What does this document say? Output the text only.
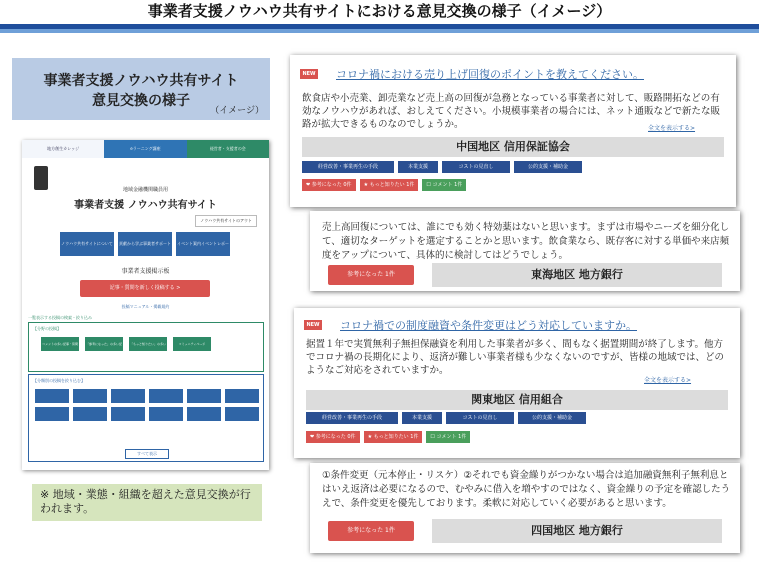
事業者支援ノウハウ共有サイトにおける意見交換の様子（イメージ）
事業者支援ノウハウ共有サイト
意見交換の様子
（イメージ）
地方創生カレッジ	eラーニング講座	経営者・支援者の会
地域金融機関職員用
事業者支援 ノウハウ共有サイト
ノウハウ共有サイトのアウト
ノウハウ共有サイトについて 貢献から学ぶ事業者サポート イベント案内イベントレポート
事業者支援掲示板
記事・質問を新しく投稿する >
投稿マニュアル・掲載規約
一覧表示する投稿の検索・絞り込み
【分野の投稿】
コメントの多い記事・質問	「参考になった」の多い記事
「もっと知りたい」の多い記事
コミュニティページ
【分類別の投稿を絞り込む】
すべて表示
※ 地域・業態・組織を超えた意見交換が行われます。
NEW コロナ禍における売り上げ回復のポイントを教えてください。
飲食店や小売業、卸売業など売上高の回復が急務となっている事業者に対して、販路開拓などの有効なノウハウがあれば、おしえてください。小規模事業者の場合には、ネット通販などで新たな販路が拡大できるものなのでしょうか。	全文を表示する>
中国地区 信用保証協会
経営改善・事業再生の手段	本業支援	コストの見直し	公的支援・補助金
❤ 参考になった 0件	★ もっと知りたい 1件	☐ コメント 1件
売上高回復については、誰にでも効く特効薬はないと思います。まずは市場やニーズを細分化して、適切なターゲットを選定することかと思います。飲食業なら、既存客に対する単価や来店頻度をアップについて、具体的に検討してはどうでしょう。
参考になった 1件	東海地区 地方銀行
NEW コロナ禍での制度融資や条件変更はどう対応していますか。
据置１年で実質無利子無担保融資を利用した事業者が多く、間もなく据置期間が終了します。他方でコロナ禍の長期化により、返済が難しい事業者様も少なくないのですが、皆様の地域では、どのようなご対応をされていますか。
全文を表示する>
関東地区 信用組合
経営改善・事業再生の手段	本業支援	コストの見直し	公的支援・補助金
❤ 参考になった 0件	★ もっと知りたい 1件	☐ コメント 1件
①条件変更（元本停止・リスケ）②それでも資金繰りがつかない場合は追加融資無利子無利息とはいえ返済は必要になるので、むやみに借入を増やすのではなく、資金繰りの予定を確認したうえで、条件変更を優先しております。柔軟に対応していく必要があると思います。
参考になった 1件	四国地区 地方銀行
